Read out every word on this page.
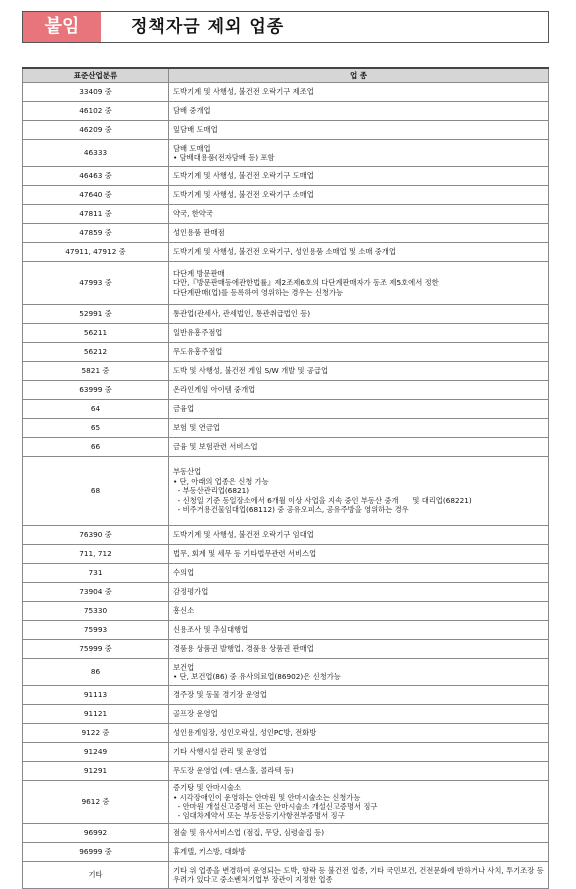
붙임	정책자금 제외 업종
표준산업분류	업 종
33409 중	도박기계 및 사행성, 불건전 오락기구 제조업

46102 중	담배 중개업

46209 중	잎담배 도매업

46333	담배 도매업
• 담배대용품(전자담배 등) 포함

46463 중	도박기계 및 사행성, 불건전 오락기구 도매업

47640 중	도박기계 및 사행성, 불건전 오락기구 소매업

47811 중	약국, 한약국

47859 중	성인용품 판매점

47911, 47912 중	도박기계 및 사행성, 불건전 오락기구, 성인용품 소매업 및 소매 중개업

47993 중	다단계 방문판매
다만,『방문판매등에관한법률』제2조제6호의 다단계판매자가 동조 제5호에서 정한
다단계판매(업)를 등록하여 영위하는 경우는 신청가능

52991 중	통관업(관세사, 관세법인, 통관취급법인 등)

56211	일반유흥주점업

56212	무도유흥주점업

5821 중	도박 및 사행성, 불건전 게임 S/W 개발 및 공급업

63999 중	온라인게임 아이템 중개업

64	금융업

65	보험 및 연금업

66	금융 및 보험관련 서비스업

68	부동산업
• 단, 아래의 업종은 신청 가능
- 부동산관리업(6821)
- 신청일 기준 동일장소에서 6개월 이상 사업을 지속 중인 부동산 중개      및 대리업(68221)
- 비주거용건물임대업(68112) 중 공유오피스, 공유주방을 영위하는 경우

76390 중	도박기계 및 사행성, 불건전 오락기구 임대업

711, 712	법무, 회계 및 세무 등 기타법무관련 서비스업

731	수의업

73904 중	감정평가업

75330	흥신소

75993	신용조사 및 추심대행업

75999 중	경품용 상품권 발행업, 경품용 상품권 판매업

86	보건업
• 단, 보건업(86) 중 유사의료업(86902)은 신청가능

91113	경주장 및 동물 경기장 운영업

91121	골프장 운영업

9122 중	성인용게임장, 성인오락실, 성인PC방, 전화방

91249	기타 사행시설 관리 및 운영업

91291	무도장 운영업 (예: 댄스홀, 콜라텍 등)

9612 중	증기탕 및 안마시술소
• 시각장애인이 운영하는 안마원 및 안마시술소는 신청가능
- 안마원 개설신고증명서 또는 안마시술소 개설신고증명서 징구
- 임대차계약서 또는 부동산등기사항전부증명서 징구

96992	점술 및 유사서비스업 (점집, 무당, 심령술집 등)

96999 중	휴게텔, 키스방, 대화방

기타	기타 위 업종을 변경하여 운영되는 도박, 향락 등 불건전 업종, 기타 국민보건, 건전문화에 반하거나 사치, 투기조장 등 우려가 있다고 중소벤처기업부 장관이 지정한 업종
